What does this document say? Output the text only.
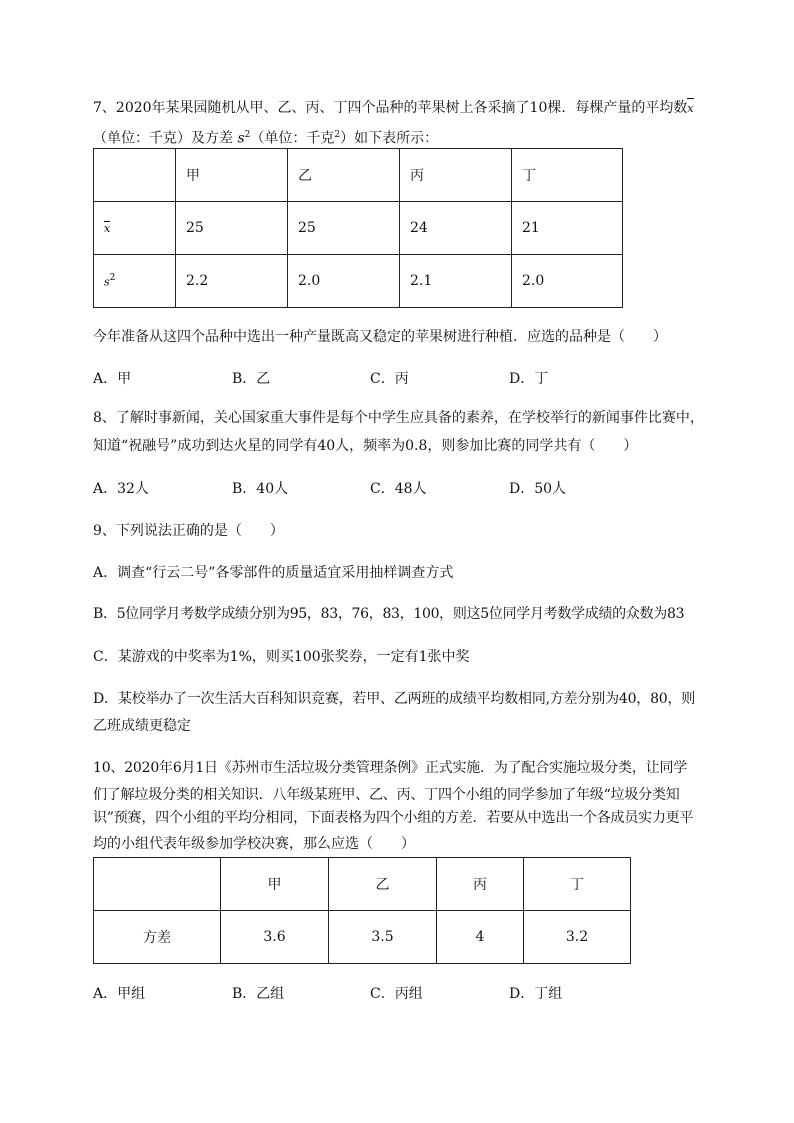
7、2020年某果园随机从甲、乙、丙、丁四个品种的苹果树上各采摘了10棵．每棵产量的平均数x
（单位：千克）及方差 $s^2$（单位：千克$^2$）如下表所示：
	甲	乙	丙	丁
x	25	25	24	21
$s^2$	2.2	2.0	2.1	2.0
今年准备从这四个品种中选出一种产量既高又稳定的苹果树进行种植．应选的品种是（　　）
A．甲	B．乙	C．丙	D．丁
8、了解时事新闻，关心国家重大事件是每个中学生应具备的素养，在学校举行的新闻事件比赛中，
知道“祝融号”成功到达火星的同学有40人，频率为0.8，则参加比赛的同学共有（　　）
A．32人	B．40人	C．48人	D．50人
9、下列说法正确的是（　　）
A．调查“行云二号”各零部件的质量适宜采用抽样调查方式
B．5位同学月考数学成绩分别为95，83，76，83，100，则这5位同学月考数学成绩的众数为83
C．某游戏的中奖率为1%，则买100张奖券，一定有1张中奖
D．某校举办了一次生活大百科知识竞赛，若甲、乙两班的成绩平均数相同,方差分别为40，80，则
乙班成绩更稳定
10、2020年6月1日《苏州市生活垃圾分类管理条例》正式实施．为了配合实施垃圾分类，让同学
们了解垃圾分类的相关知识．八年级某班甲、乙、丙、丁四个小组的同学参加了年级“垃圾分类知
识”预赛，四个小组的平均分相同，下面表格为四个小组的方差．若要从中选出一个各成员实力更平
均的小组代表年级参加学校决赛，那么应选（　　）
	甲	乙	丙	丁
方差	3.6	3.5	4	3.2
A．甲组	B．乙组	C．丙组	D．丁组
